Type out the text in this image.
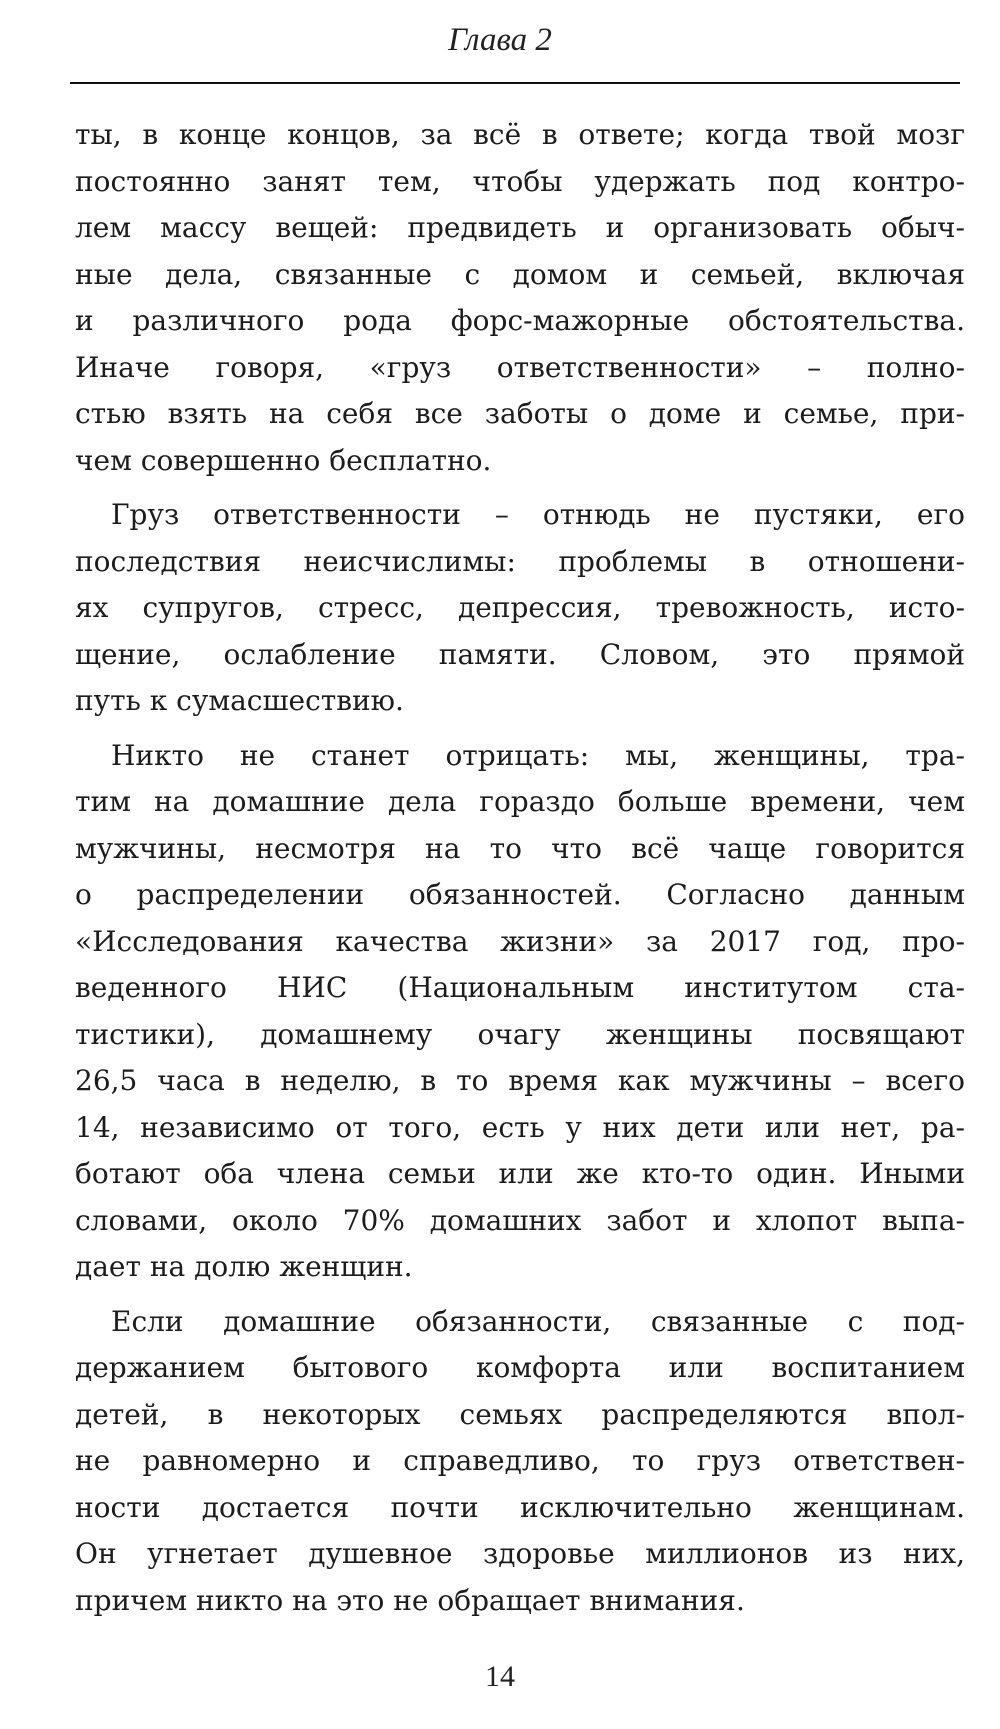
Глава 2
ты, в конце концов, за всё в ответе; когда твой мозг
постоянно занят тем, чтобы удержать под контро-
лем массу вещей: предвидеть и организовать обыч-
ные дела, связанные с домом и семьей, включая
и различного рода форс-мажорные обстоятельства.
Иначе говоря, «груз ответственности» – полно-
стью взять на себя все заботы о доме и семье, при-
чем совершенно бесплатно.
Груз ответственности – отнюдь не пустяки, его
последствия неисчислимы: проблемы в отношени-
ях супругов, стресс, депрессия, тревожность, исто-
щение, ослабление памяти. Словом, это прямой
путь к сумасшествию.
Никто не станет отрицать: мы, женщины, тра-
тим на домашние дела гораздо больше времени, чем
мужчины, несмотря на то что всё чаще говорится
о распределении обязанностей. Согласно данным
«Исследования качества жизни» за 2017 год, про-
веденного НИС (Национальным институтом ста-
тистики), домашнему очагу женщины посвящают
26,5 часа в неделю, в то время как мужчины – всего
14, независимо от того, есть у них дети или нет, ра-
ботают оба члена семьи или же кто-то один. Иными
словами, около 70% домашних забот и хлопот выпа-
дает на долю женщин.
Если домашние обязанности, связанные с под-
держанием бытового комфорта или воспитанием
детей, в некоторых семьях распределяются впол-
не равномерно и справедливо, то груз ответствен-
ности достается почти исключительно женщинам.
Он угнетает душевное здоровье миллионов из них,
причем никто на это не обращает внимания.
14
